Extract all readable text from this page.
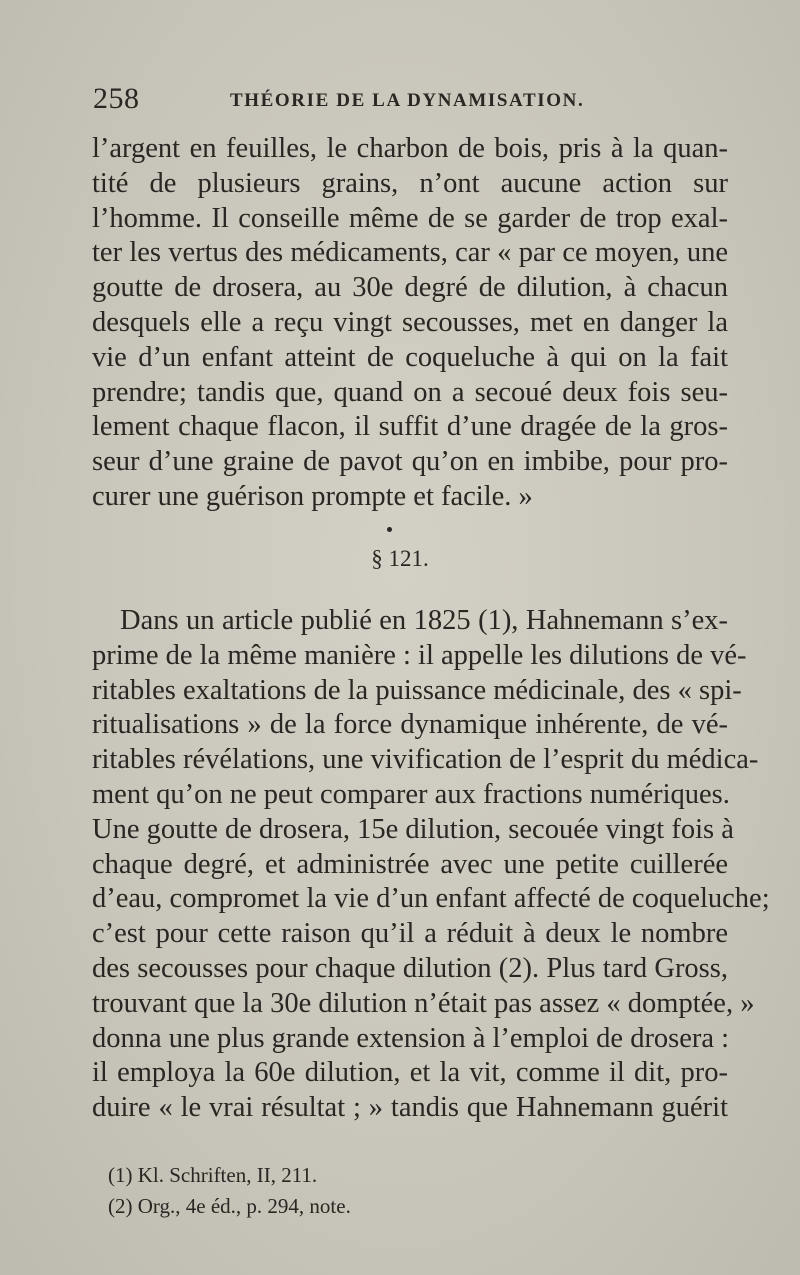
258	THÉORIE DE LA DYNAMISATION.
l’argent en feuilles, le charbon de bois, pris à la quan-
tité de plusieurs grains, n’ont aucune action sur
l’homme. Il conseille même de se garder de trop exal-
ter les vertus des médicaments, car « par ce moyen, une
goutte de drosera, au 30e degré de dilution, à chacun
desquels elle a reçu vingt secousses, met en danger la
vie d’un enfant atteint de coqueluche à qui on la fait
prendre; tandis que, quand on a secoué deux fois seu-
lement chaque flacon, il suffit d’une dragée de la gros-
seur d’une graine de pavot qu’on en imbibe, pour pro-
curer une guérison prompte et facile. »
§ 121.
Dans un article publié en 1825 (1), Hahnemann s’ex-
prime de la même manière : il appelle les dilutions de vé-
ritables exaltations de la puissance médicinale, des « spi-
ritualisations » de la force dynamique inhérente, de vé-
ritables révélations, une vivification de l’esprit du médica-
ment qu’on ne peut comparer aux fractions numériques.
Une goutte de drosera, 15e dilution, secouée vingt fois à
chaque degré, et administrée avec une petite cuillerée
d’eau, compromet la vie d’un enfant affecté de coqueluche;
c’est pour cette raison qu’il a réduit à deux le nombre
des secousses pour chaque dilution (2). Plus tard Gross,
trouvant que la 30e dilution n’était pas assez « domptée, »
donna une plus grande extension à l’emploi de drosera :
il employa la 60e dilution, et la vit, comme il dit, pro-
duire « le vrai résultat ; » tandis que Hahnemann guérit
(1) Kl. Schriften, II, 211.
(2) Org., 4e éd., p. 294, note.
